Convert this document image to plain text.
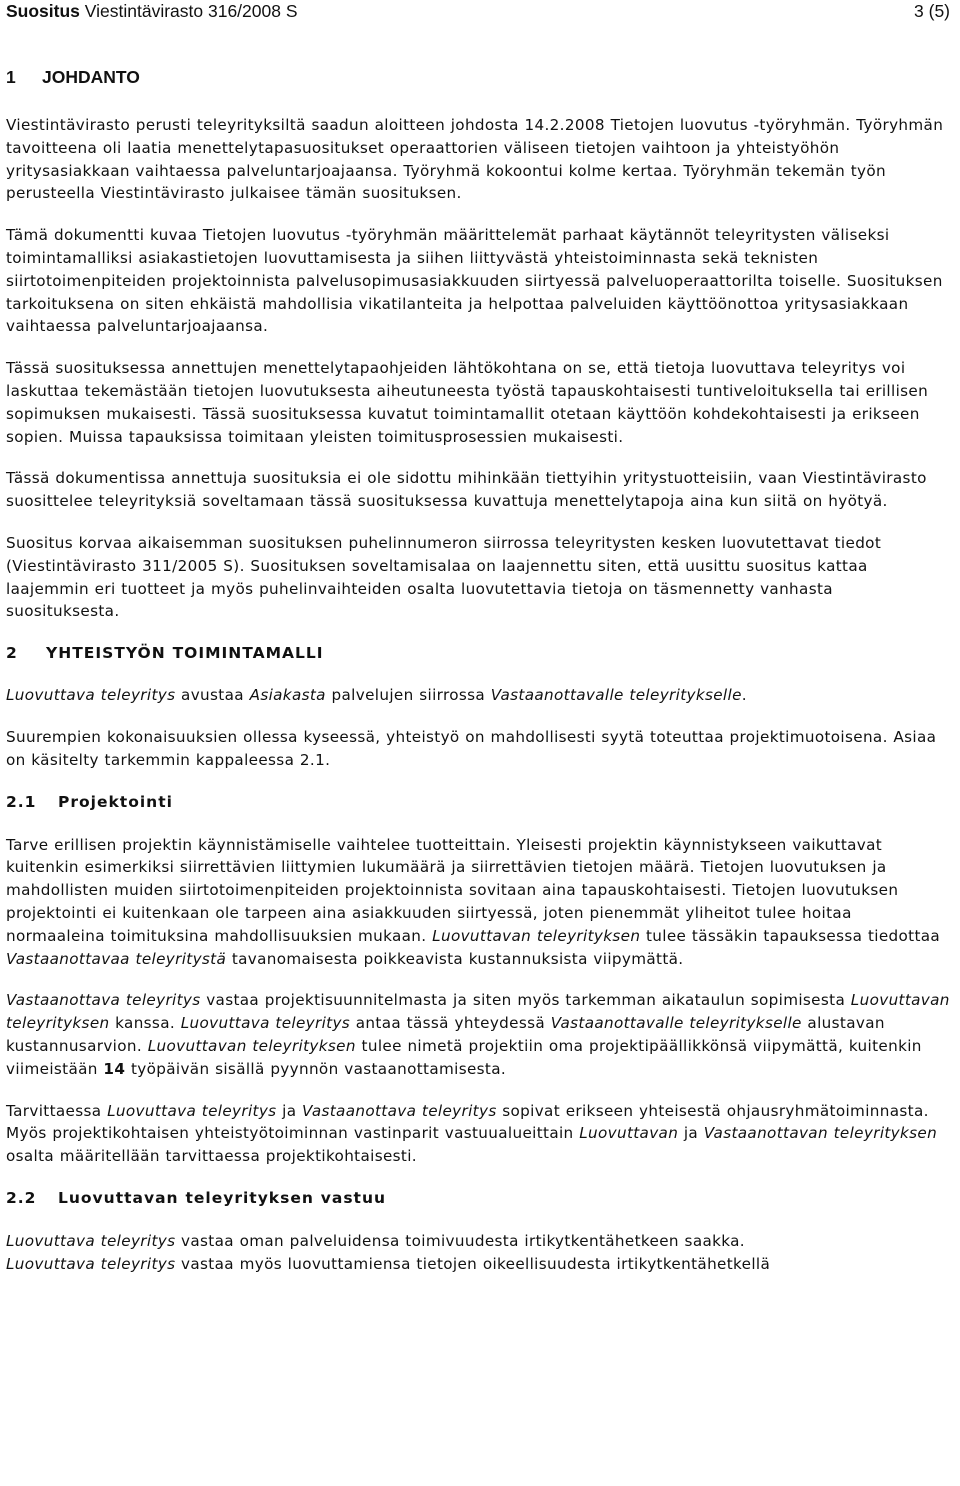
Suositus Viestintävirasto 316/2008 S	3 (5)
1 JOHDANTO

Viestintävirasto perusti teleyrityksiltä saadun aloitteen johdosta 14.2.2008 Tietojen luovutus -työryhmän. Työryhmän tavoitteena oli laatia menettelytapasuositukset operaattorien väliseen tietojen vaihtoon ja yhteistyöhön yritysasiakkaan vaihtaessa palveluntarjoajaansa. Työryhmä kokoontui kolme kertaa. Työryhmän tekemän työn perusteella Viestintävirasto julkaisee tämän suosituksen.

Tämä dokumentti kuvaa Tietojen luovutus -työryhmän määrittelemät parhaat käytännöt teleyritysten väliseksi toimintamalliksi asiakastietojen luovuttamisesta ja siihen liittyvästä yhteistoiminnasta sekä teknisten siirtotoimenpiteiden projektoinnista palvelusopimusasiakkuuden siirtyessä palveluoperaattorilta toiselle. Suosituksen tarkoituksena on siten ehkäistä mahdollisia vikatilanteita ja helpottaa palveluiden käyttöönottoa yritysasiakkaan vaihtaessa palveluntarjoajaansa.

Tässä suosituksessa annettujen menettelytapaohjeiden lähtökohtana on se, että tietoja luovuttava teleyritys voi laskuttaa tekemästään tietojen luovutuksesta aiheutuneesta työstä tapauskohtaisesti tuntiveloituksella tai erillisen sopimuksen mukaisesti. Tässä suosituksessa kuvatut toimintamallit otetaan käyttöön kohdekohtaisesti ja erikseen sopien. Muissa tapauksissa toimitaan yleisten toimitusprosessien mukaisesti.

Tässä dokumentissa annettuja suosituksia ei ole sidottu mihinkään tiettyihin yritystuotteisiin, vaan Viestintävirasto suosittelee teleyrityksiä soveltamaan tässä suosituksessa kuvattuja menettelytapoja aina kun siitä on hyötyä.

Suositus korvaa aikaisemman suosituksen puhelinnumeron siirrossa teleyritysten kesken luovutettavat tiedot (Viestintävirasto 311/2005 S). Suosituksen soveltamisalaa on laajennettu siten, että uusittu suositus kattaa laajemmin eri tuotteet ja myös puhelinvaihteiden osalta luovutettavia tietoja on täsmennetty vanhasta suosituksesta.

2 YHTEISTYÖN TOIMINTAMALLI

Luovuttava teleyritys avustaa Asiakasta palvelujen siirrossa Vastaanottavalle teleyritykselle.

Suurempien kokonaisuuksien ollessa kyseessä, yhteistyö on mahdollisesti syytä toteuttaa projektimuotoisena. Asiaa on käsitelty tarkemmin kappaleessa 2.1.

2.1 Projektointi

Tarve erillisen projektin käynnistämiselle vaihtelee tuotteittain. Yleisesti projektin käynnistykseen vaikuttavat kuitenkin esimerkiksi siirrettävien liittymien lukumäärä ja siirrettävien tietojen määrä. Tietojen luovutuksen ja mahdollisten muiden siirtotoimenpiteiden projektoinnista sovitaan aina tapauskohtaisesti. Tietojen luovutuksen projektointi ei kuitenkaan ole tarpeen aina asiakkuuden siirtyessä, joten pienemmät yliheitot tulee hoitaa normaaleina toimituksina mahdollisuuksien mukaan. Luovuttavan teleyrityksen tulee tässäkin tapauksessa tiedottaa Vastaanottavaa teleyritystä tavanomaisesta poikkeavista kustannuksista viipymättä.

Vastaanottava teleyritys vastaa projektisuunnitelmasta ja siten myös tarkemman aikataulun sopimisesta Luovuttavan teleyrityksen kanssa. Luovuttava teleyritys antaa tässä yhteydessä Vastaanottavalle teleyritykselle alustavan kustannusarvion. Luovuttavan teleyrityksen tulee nimetä projektiin oma projektipäällikkönsä viipymättä, kuitenkin viimeistään 14 työpäivän sisällä pyynnön vastaanottamisesta.

Tarvittaessa Luovuttava teleyritys ja Vastaanottava teleyritys sopivat erikseen yhteisestä ohjausryhmätoiminnasta. Myös projektikohtaisen yhteistyötoiminnan vastinparit vastuualueittain Luovuttavan ja Vastaanottavan teleyrityksen osalta määritellään tarvittaessa projektikohtaisesti.

2.2 Luovuttavan teleyrityksen vastuu

Luovuttava teleyritys vastaa oman palveluidensa toimivuudesta irtikytkentähetkeen saakka.
Luovuttava teleyritys vastaa myös luovuttamiensa tietojen oikeellisuudesta irtikytkentähetkellä
